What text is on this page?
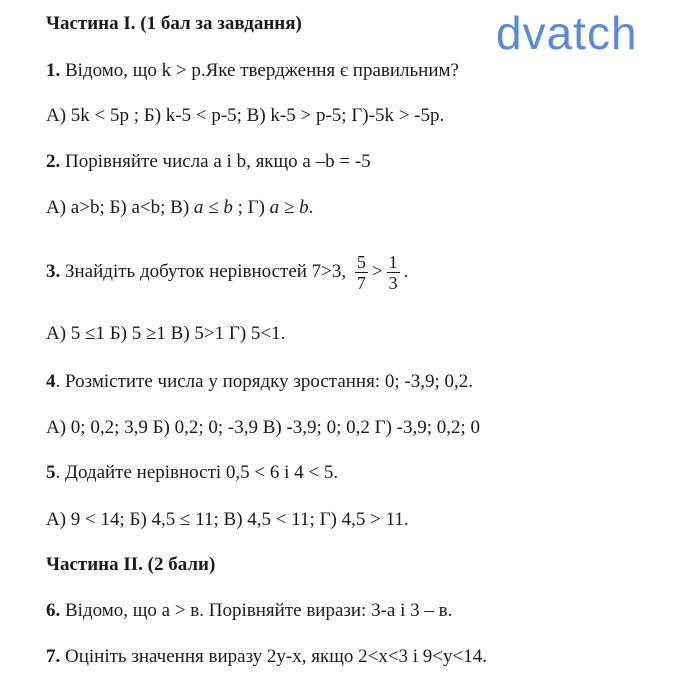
dvatch
Частина І. (1 бал за завдання)
1. Відомо, що k > p.Яке твердження є правильним?
А) 5k < 5p ; Б) k-5 < p-5; В) k-5 > p-5; Г)-5k > -5p.
2. Порівняйте числа a і b, якщо a –b = -5
А) a>b; Б) a<b; В) a ≤ b ; Г) a ≥ b.
3. Знайдіть добуток нерівностей 7>3, $\frac{5}{7} > \frac{1}{3}$ .
А) 5 ≤1 Б) 5 ≥1 В) 5>1 Г) 5<1.
4. Розмістите числа у порядку зростання: 0; -3,9; 0,2.
А) 0; 0,2; 3,9 Б) 0,2; 0; -3,9 В) -3,9; 0; 0,2 Г) -3,9; 0,2; 0
5. Додайте нерівності 0,5 < 6 і 4 < 5.
А) 9 < 14; Б) 4,5 ≤ 11; В) 4,5 < 11; Г) 4,5 > 11.
Частина ІІ. (2 бали)
6. Відомо, що a > в. Порівняйте вирази: 3-a і 3 – в.
7. Оцініть значення виразу 2y-x, якщо 2<x<3 і 9<y<14.
